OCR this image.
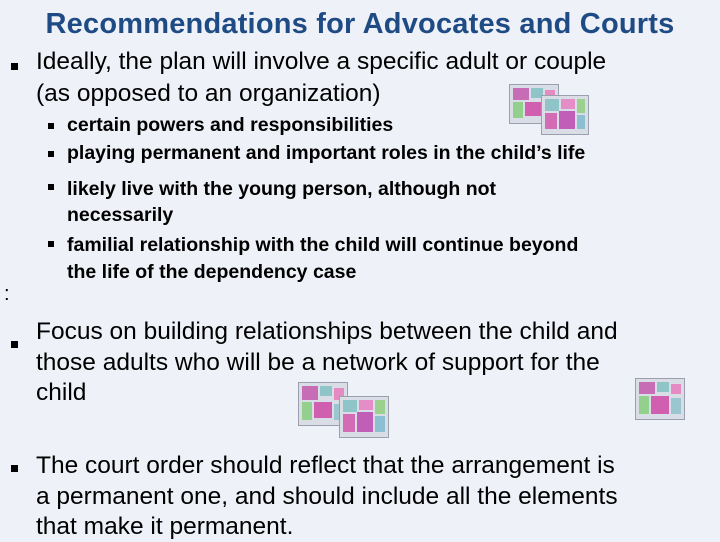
Recommendations for Advocates and Courts
Ideally, the plan will involve a specific adult or couple
(as opposed to an organization)
certain powers and responsibilities
playing permanent and important roles in the child’s life
likely live with the young person, although not
necessarily
familial relationship with the child will continue beyond
the life of the dependency case
:
Focus on building relationships between the child and
those adults who will be a network of support for the
child
The court order should reflect that the arrangement is
a permanent one, and should include all the elements
that make it permanent.
